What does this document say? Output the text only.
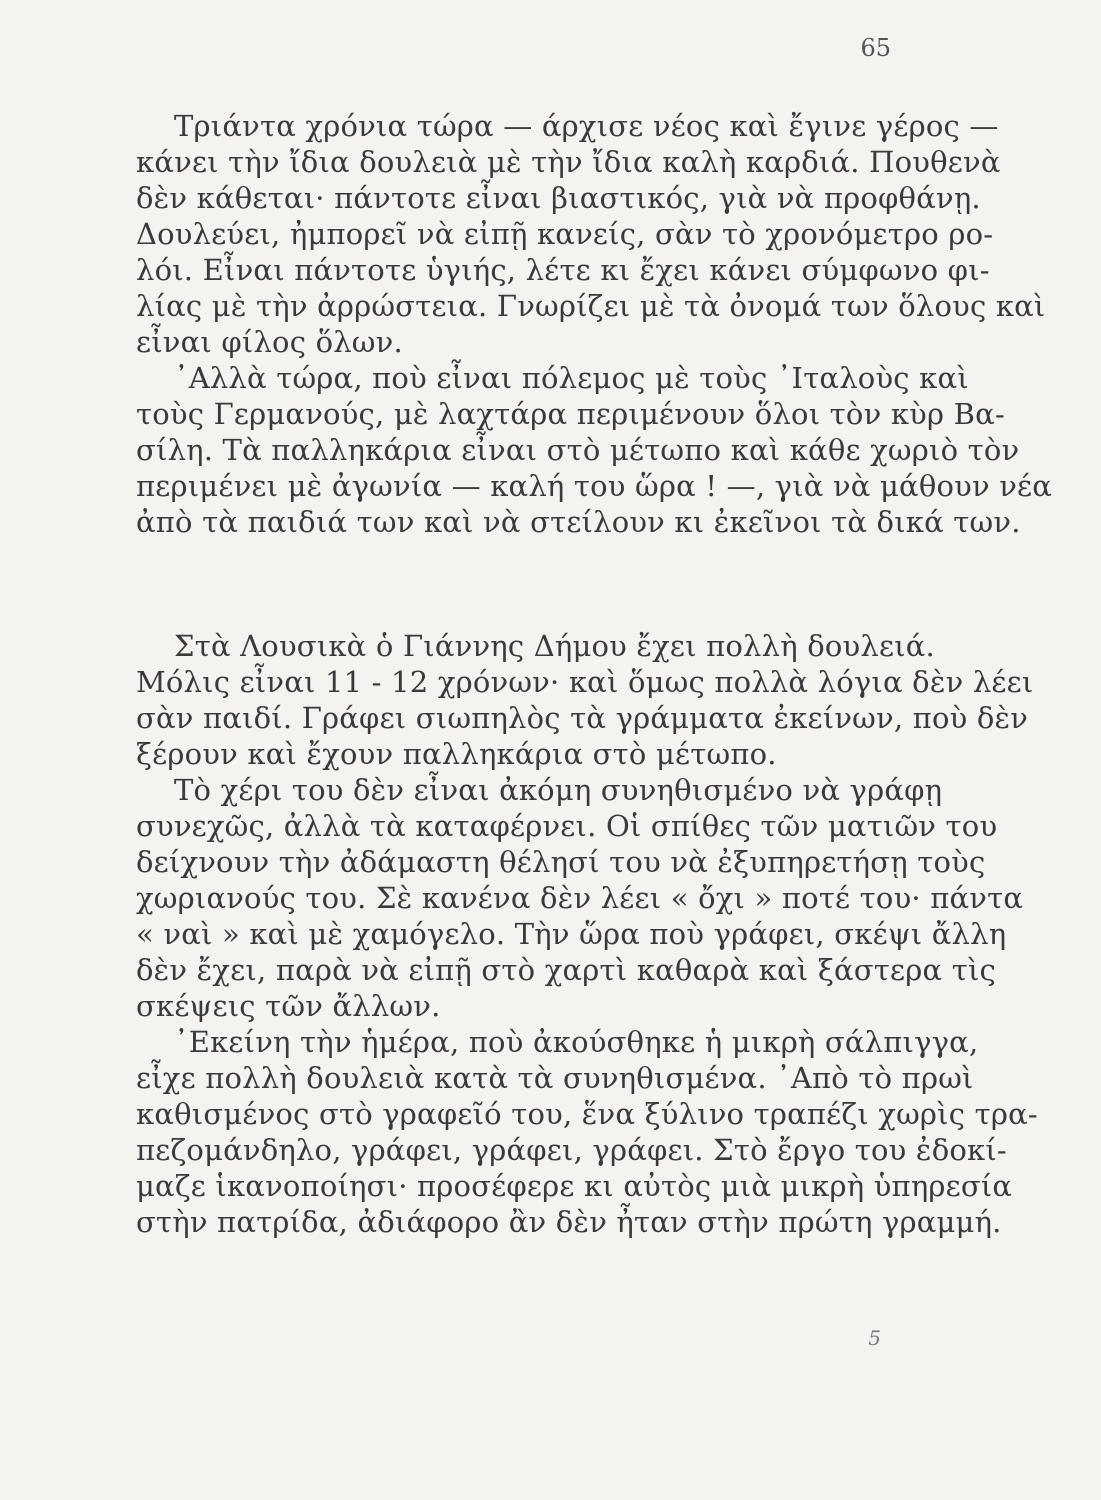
65
Τριάντα χρόνια τώρα — άρχισε νέος καὶ ἔγινε γέρος —
κάνει τὴν ἴδια δουλειὰ μὲ τὴν ἴδια καλὴ καρδιά. Πουθενὰ
δὲν κάθεται· πάντοτε εἶναι βιαστικός, γιὰ νὰ προφθάνῃ.
Δουλεύει, ἠμπορεῖ νὰ εἰπῇ κανείς, σὰν τὸ χρονόμετρο ρο-
λόι. Εἶναι πάντοτε ὑγιής, λέτε κι ἔχει κάνει σύμφωνο φι-
λίας μὲ τὴν ἀρρώστεια. Γνωρίζει μὲ τὰ ὀνομά των ὅλους καὶ
εἶναι φίλος ὅλων.
᾿Αλλὰ τώρα, ποὺ εἶναι πόλεμος μὲ τοὺς ᾿Ιταλοὺς καὶ
τοὺς Γερμανούς, μὲ λαχτάρα περιμένουν ὅλοι τὸν κὺρ Βα-
σίλη. Τὰ παλληκάρια εἶναι στὸ μέτωπο καὶ κάθε χωριὸ τὸν
περιμένει μὲ ἀγωνία — καλή του ὥρα ! —, γιὰ νὰ μάθουν νέα
ἀπὸ τὰ παιδιά των καὶ νὰ στείλουν κι ἐκεῖνοι τὰ δικά των.
Στὰ Λουσικὰ ὁ Γιάννης Δήμου ἔχει πολλὴ δουλειά.
Μόλις εἶναι 11 - 12 χρόνων· καὶ ὅμως πολλὰ λόγια δὲν λέει
σὰν παιδί. Γράφει σιωπηλὸς τὰ γράμματα ἐκείνων, ποὺ δὲν
ξέρουν καὶ ἔχουν παλληκάρια στὸ μέτωπο.
Τὸ χέρι του δὲν εἶναι ἀκόμη συνηθισμένο νὰ γράφῃ
συνεχῶς, ἀλλὰ τὰ καταφέρνει. Οἱ σπίθες τῶν ματιῶν του
δείχνουν τὴν ἀδάμαστη θέλησί του νὰ ἐξυπηρετήσῃ τοὺς
χωριανούς του. Σὲ κανένα δὲν λέει « ὄχι » ποτέ του· πάντα
« ναὶ » καὶ μὲ χαμόγελο. Τὴν ὥρα ποὺ γράφει, σκέψι ἄλλη
δὲν ἔχει, παρὰ νὰ εἰπῇ στὸ χαρτὶ καθαρὰ καὶ ξάστερα τὶς
σκέψεις τῶν ἄλλων.
᾿Εκείνη τὴν ἡμέρα, ποὺ ἀκούσθηκε ἡ μικρὴ σάλπιγγα,
εἶχε πολλὴ δουλειὰ κατὰ τὰ συνηθισμένα. ᾿Απὸ τὸ πρωὶ
καθισμένος στὸ γραφεῖό του, ἕνα ξύλινο τραπέζι χωρὶς τρα-
πεζομάνδηλο, γράφει, γράφει, γράφει. Στὸ ἔργο του ἐδοκί-
μαζε ἱκανοποίησι· προσέφερε κι αὐτὸς μιὰ μικρὴ ὑπηρεσία
στὴν πατρίδα, ἀδιάφορο ἂν δὲν ἦταν στὴν πρώτη γραμμή.
5
